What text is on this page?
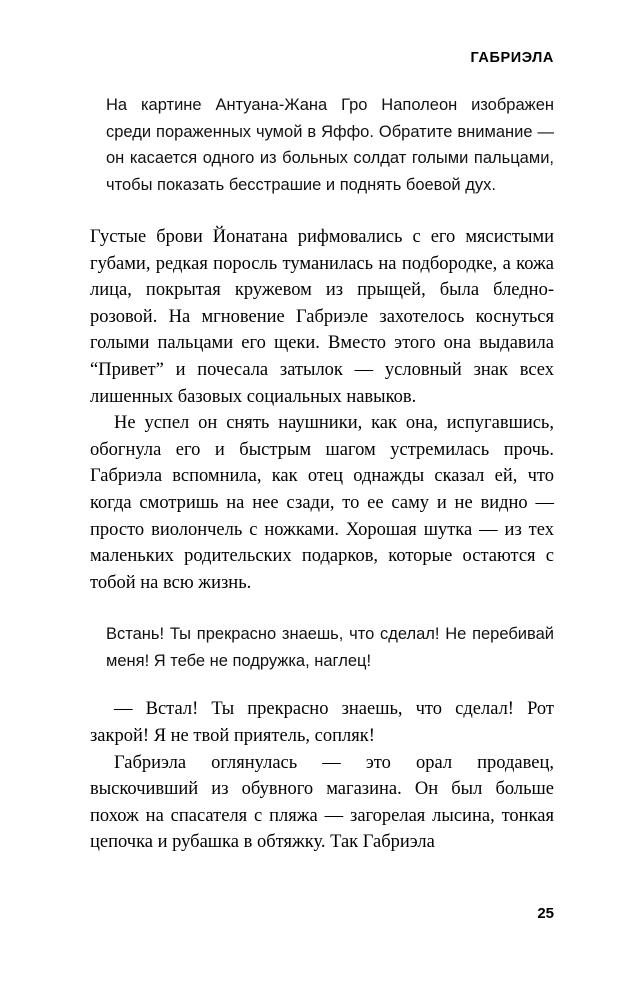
ГАБРИЭЛА

На картине Антуана-Жана Гро Наполеон изображен среди пораженных чумой в Яффо. Обратите внимание — он касается одного из больных солдат голыми пальцами, чтобы показать бесстрашие и поднять боевой дух.

Густые брови Йонатана рифмовались с его мясистыми губами, редкая поросль туманилась на подбородке, а кожа лица, покрытая кружевом из прыщей, была бледно-розовой. На мгновение Габриэле захотелось коснуться голыми пальцами его щеки. Вместо этого она выдавила “Привет” и почесала затылок — условный знак всех лишенных базовых социальных навыков.

Не успел он снять наушники, как она, испугавшись, обогнула его и быстрым шагом устремилась прочь. Габриэла вспомнила, как отец однажды сказал ей, что когда смотришь на нее сзади, то ее саму и не видно — просто виолончель с ножками. Хорошая шутка — из тех маленьких родительских подарков, которые остаются с тобой на всю жизнь.

Встань! Ты прекрасно знаешь, что сделал! Не перебивай меня! Я тебе не подружка, наглец!

— Встал! Ты прекрасно знаешь, что сделал! Рот закрой! Я не твой приятель, сопляк!

Габриэла оглянулась — это орал продавец, выскочивший из обувного магазина. Он был больше похож на спасателя с пляжа — загорелая лысина, тонкая цепочка и рубашка в обтяжку. Так Габриэла

25
